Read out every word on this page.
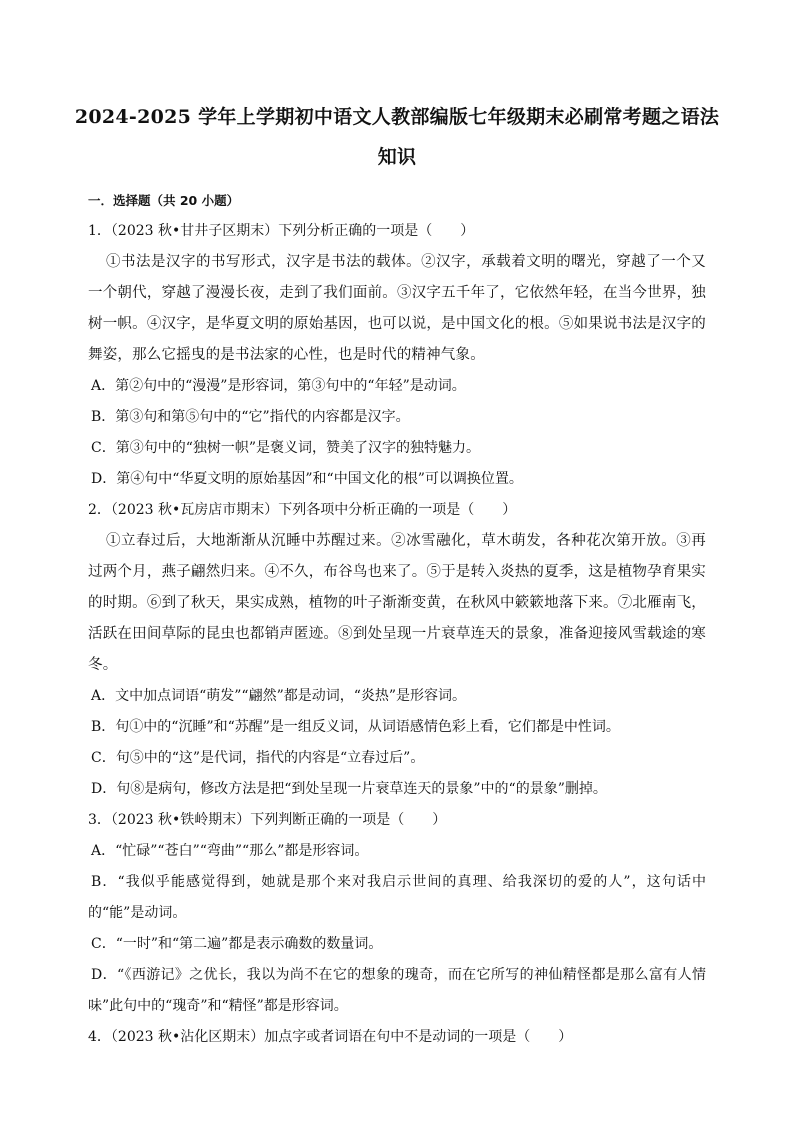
2024-2025 学年上学期初中语文人教部编版七年级期末必刷常考题之语法
知识
一．选择题（共 20 小题）
1．（2023 秋•甘井子区期末）下列分析正确的一项是（　　）
①书法是汉字的书写形式，汉字是书法的载体。②汉字，承载着文明的曙光，穿越了一个又一个朝代，穿越了漫漫长夜，走到了我们面前。③汉字五千年了，它依然年轻，在当今世界，独树一帜。④汉字，是华夏文明的原始基因，也可以说，是中国文化的根。⑤如果说书法是汉字的舞姿，那么它摇曳的是书法家的心性，也是时代的精神气象。
A．第②句中的“漫漫”是形容词，第③句中的“年轻”是动词。
B．第③句和第⑤句中的“它”指代的内容都是汉字。
C．第③句中的“独树一帜”是褒义词，赞美了汉字的独特魅力。
D．第④句中“华夏文明的原始基因”和“中国文化的根”可以调换位置。
2．（2023 秋•瓦房店市期末）下列各项中分析正确的一项是（　　）
①立春过后，大地渐渐从沉睡中苏醒过来。②冰雪融化，草木萌发，各种花次第开放。③再过两个月，燕子翩然归来。④不久，布谷鸟也来了。⑤于是转入炎热的夏季，这是植物孕育果实的时期。⑥到了秋天，果实成熟，植物的叶子渐渐变黄，在秋风中簌簌地落下来。⑦北雁南飞，活跃在田间草际的昆虫也都销声匿迹。⑧到处呈现一片衰草连天的景象，准备迎接风雪载途的寒冬。
A．文中加点词语“萌发”“翩然”都是动词，“炎热”是形容词。
B．句①中的“沉睡”和“苏醒”是一组反义词，从词语感情色彩上看，它们都是中性词。
C．句⑤中的“这”是代词，指代的内容是“立春过后”。
D．句⑧是病句，修改方法是把“到处呈现一片衰草连天的景象”中的“的景象”删掉。
3．（2023 秋•铁岭期末）下列判断正确的一项是（　　）
A．“忙碌”“苍白”“弯曲”“那么”都是形容词。
B．“我似乎能感觉得到，她就是那个来对我启示世间的真理、给我深切的爱的人”，这句话中的“能”是动词。
C．“一时”和“第二遍”都是表示确数的数量词。
D．“《西游记》之优长，我以为尚不在它的想象的瑰奇，而在它所写的神仙精怪都是那么富有人情味”此句中的“瑰奇”和“精怪”都是形容词。
4．（2023 秋•沾化区期末）加点字或者词语在句中不是动词的一项是（　　）
